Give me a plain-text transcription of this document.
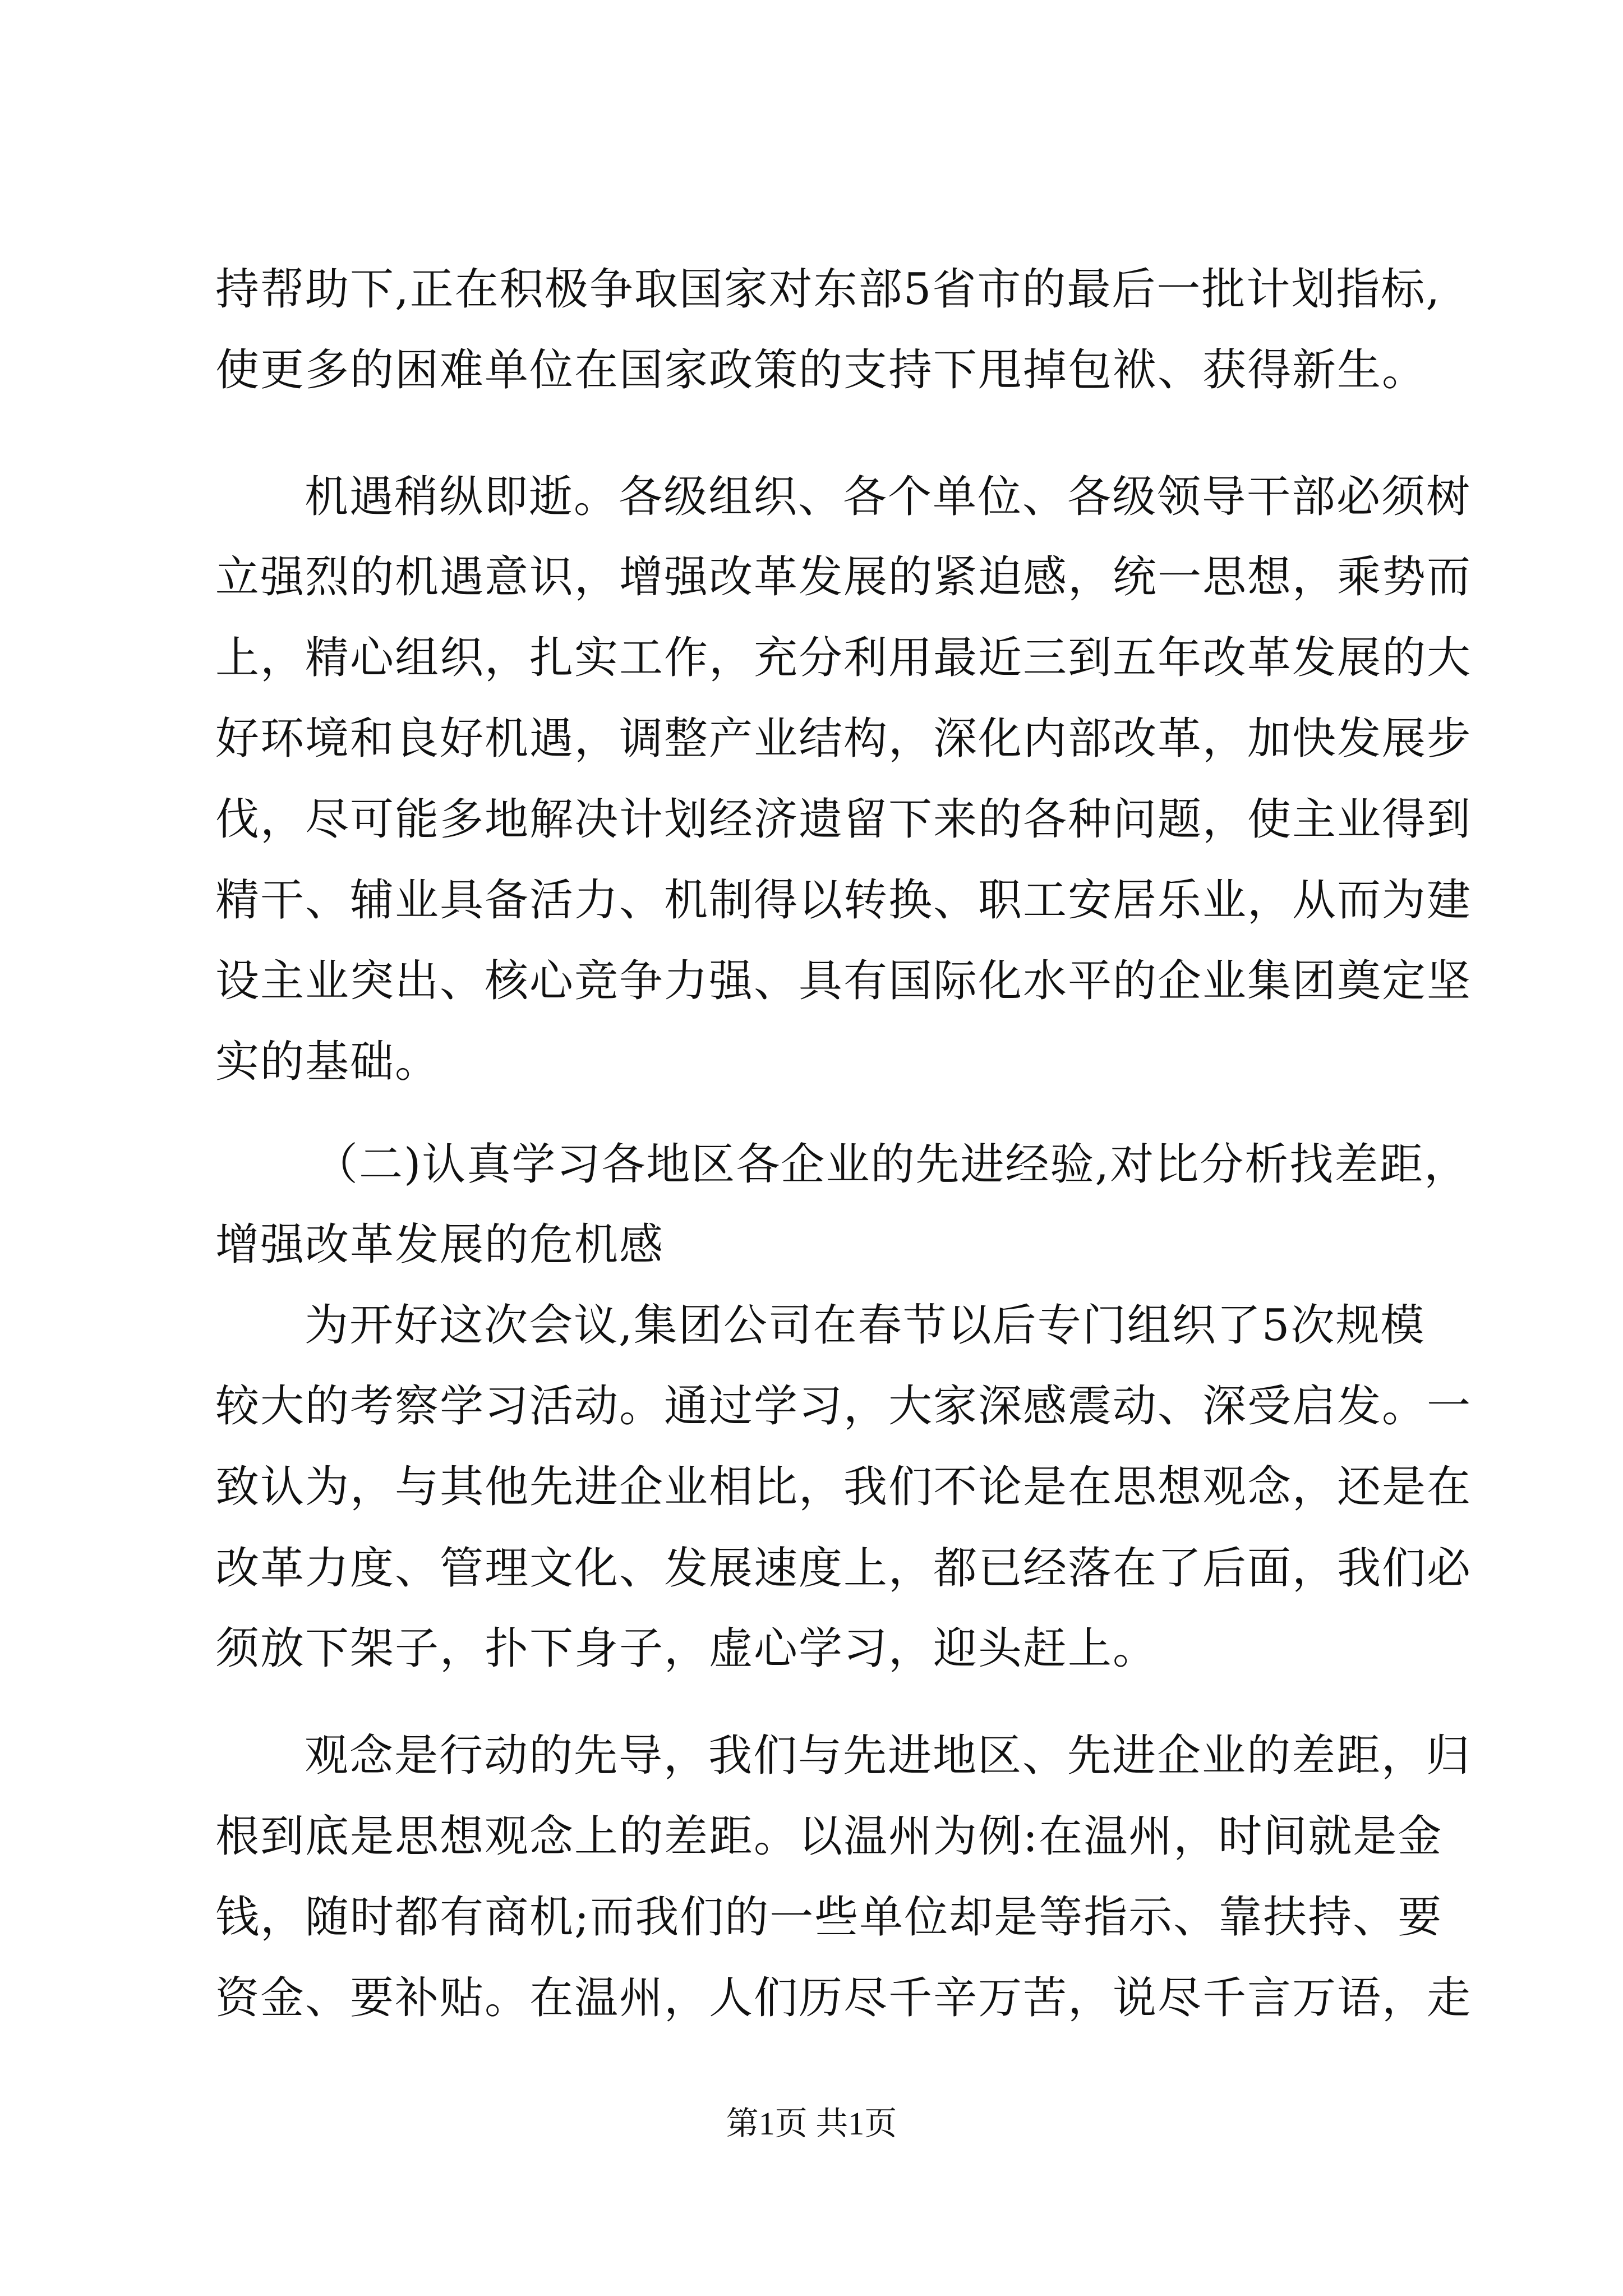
持帮助下,正在积极争取国家对东部5省市的最后一批计划指标,
使更多的困难单位在国家政策的支持下甩掉包袱、获得新生。
机遇稍纵即逝。各级组织、各个单位、各级领导干部必须树
立强烈的机遇意识，增强改革发展的紧迫感，统一思想，乘势而
上，精心组织，扎实工作，充分利用最近三到五年改革发展的大
好环境和良好机遇，调整产业结构，深化内部改革，加快发展步
伐，尽可能多地解决计划经济遗留下来的各种问题，使主业得到
精干、辅业具备活力、机制得以转换、职工安居乐业，从而为建
设主业突出、核心竞争力强、具有国际化水平的企业集团奠定坚
实的基础。
（二)认真学习各地区各企业的先进经验,对比分析找差距，
增强改革发展的危机感
为开好这次会议,集团公司在春节以后专门组织了5次规模
较大的考察学习活动。通过学习，大家深感震动、深受启发。一
致认为，与其他先进企业相比，我们不论是在思想观念，还是在
改革力度、管理文化、发展速度上，都已经落在了后面，我们必
须放下架子，扑下身子，虚心学习，迎头赶上。
观念是行动的先导，我们与先进地区、先进企业的差距，归
根到底是思想观念上的差距。以温州为例:在温州，时间就是金
钱，随时都有商机;而我们的一些单位却是等指示、靠扶持、要
资金、要补贴。在温州，人们历尽千辛万苦，说尽千言万语，走
第1页 共1页
